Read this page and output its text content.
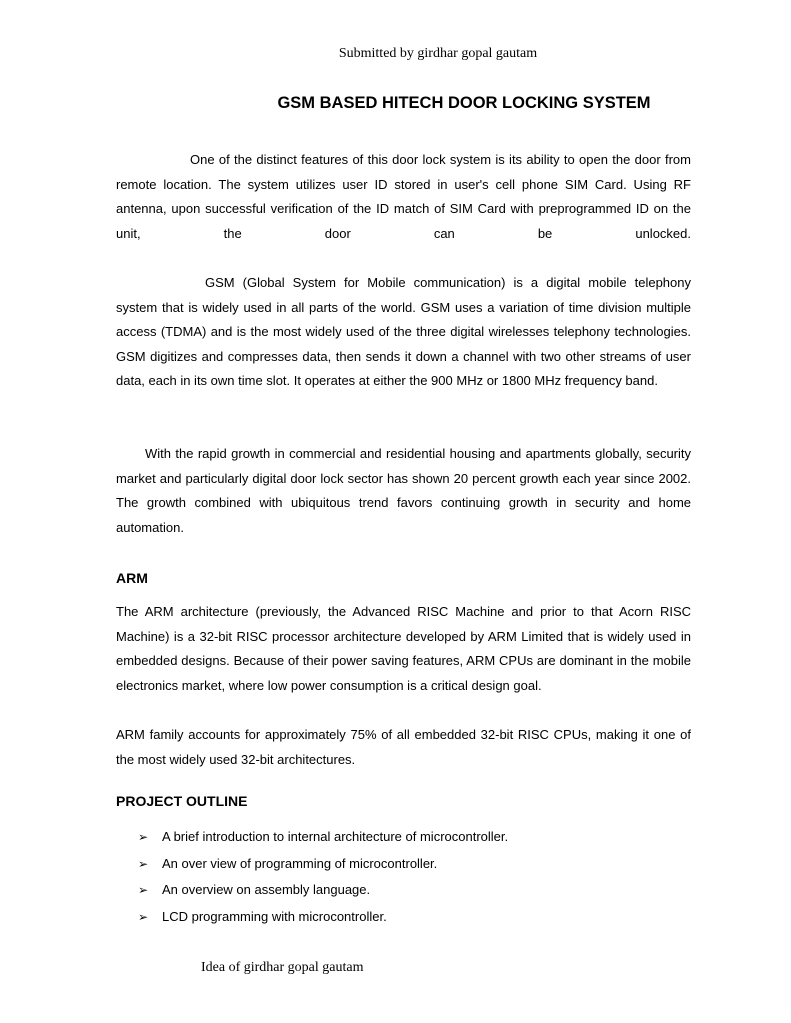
Submitted by girdhar gopal gautam

GSM BASED HITECH DOOR LOCKING SYSTEM

One of the distinct features of this door lock system is its ability to open the door from remote location. The system utilizes user ID stored in user's cell phone SIM Card. Using RF antenna, upon successful verification of the ID match of SIM Card with preprogrammed ID on the unit, the door can be unlocked.

GSM (Global System for Mobile communication) is a digital mobile telephony system that is widely used in all parts of the world. GSM uses a variation of time division multiple access (TDMA) and is the most widely used of the three digital wirelesses telephony technologies. GSM digitizes and compresses data, then sends it down a channel with two other streams of user data, each in its own time slot. It operates at either the 900 MHz or 1800 MHz frequency band.

With the rapid growth in commercial and residential housing and apartments globally, security market and particularly digital door lock sector has shown 20 percent growth each year since 2002. The growth combined with ubiquitous trend favors continuing growth in security and home automation.

ARM

The ARM architecture (previously, the Advanced RISC Machine and prior to that Acorn RISC Machine) is a 32-bit RISC processor architecture developed by ARM Limited that is widely used in embedded designs. Because of their power saving features, ARM CPUs are dominant in the mobile electronics market, where low power consumption is a critical design goal.

ARM family accounts for approximately 75% of all embedded 32-bit RISC CPUs, making it one of the most widely used 32-bit architectures.

PROJECT OUTLINE
➢ A brief introduction to internal architecture of microcontroller.
➢ An over view of programming of microcontroller.
➢ An overview on assembly language.
➢ LCD programming with microcontroller.

Idea of girdhar gopal gautam
